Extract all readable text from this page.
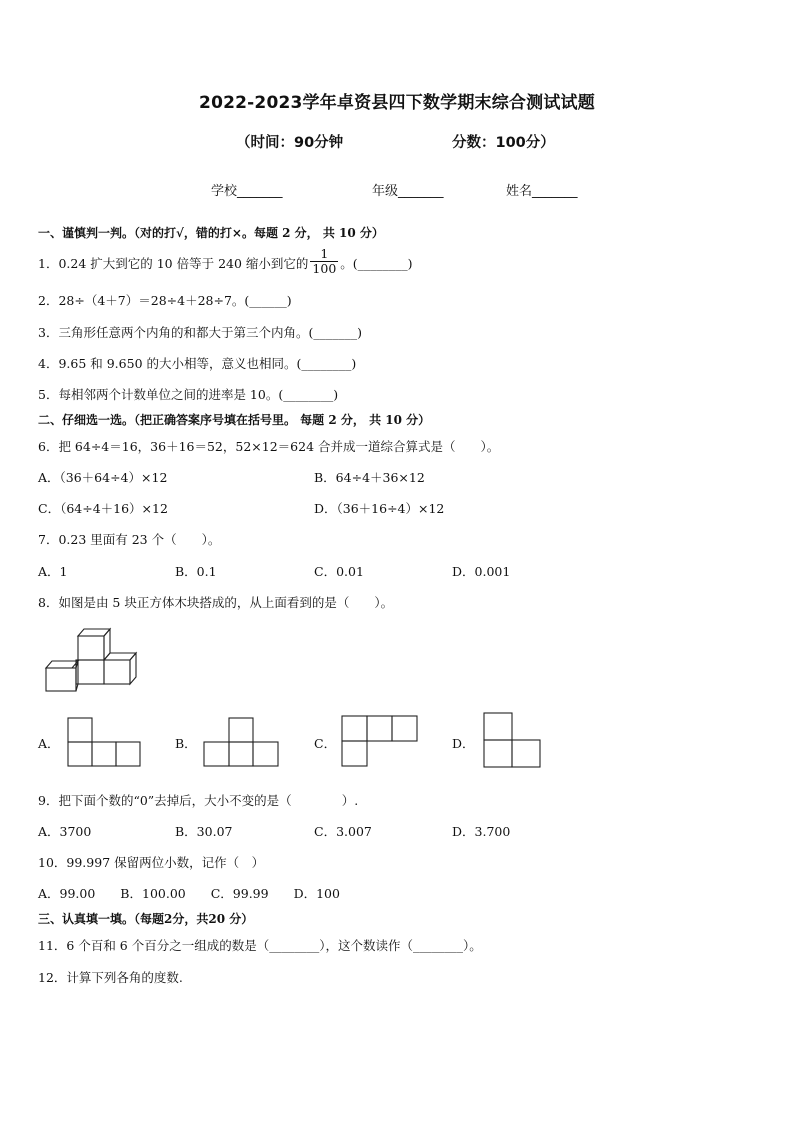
2022-2023学年卓资县四下数学期末综合测试试题
（时间：90分钟	分数：100分）
学校_______	年级_______	姓名_______
一、谨慎判一判。（对的打√，错的打×。每题 2 分， 共 10 分）
1．0.24 扩大到它的 10 倍等于 240 缩小到它的 $\frac{1}{100}$ 。(________)
2．28÷（4＋7）＝28÷4＋28÷7。(______)
3．三角形任意两个内角的和都大于第三个内角。(_______)
4．9.65 和 9.650 的大小相等，意义也相同。(________)
5．每相邻两个计数单位之间的进率是 10。(________)
二、仔细选一选。（把正确答案序号填在括号里。 每题 2 分， 共 10 分）
6．把 64÷4＝16，36＋16＝52，52×12＝624 合并成一道综合算式是（　　）。
A．（36＋64÷4）×12	B．64÷4＋36×12
C．（64÷4＋16）×12	D．（36＋16÷4）×12
7．0.23 里面有 23 个（　　）。
A．1	B．0.1	C．0.01	D．0.001
8．如图是由 5 块正方体木块搭成的，从上面看到的是（　　）。
A．	B．	C．	D．
9．把下面个数的“0”去掉后，大小不变的是（　　　　）.
A．3700	B．30.07	C．3.007	D．3.700
10．99.997 保留两位小数，记作（　）
A．99.00　　B．100.00　　C．99.99　　D．100
三、认真填一填。（每题2分，共20 分）
11．6 个百和 6 个百分之一组成的数是（________），这个数读作（________）。
12．计算下列各角的度数.
